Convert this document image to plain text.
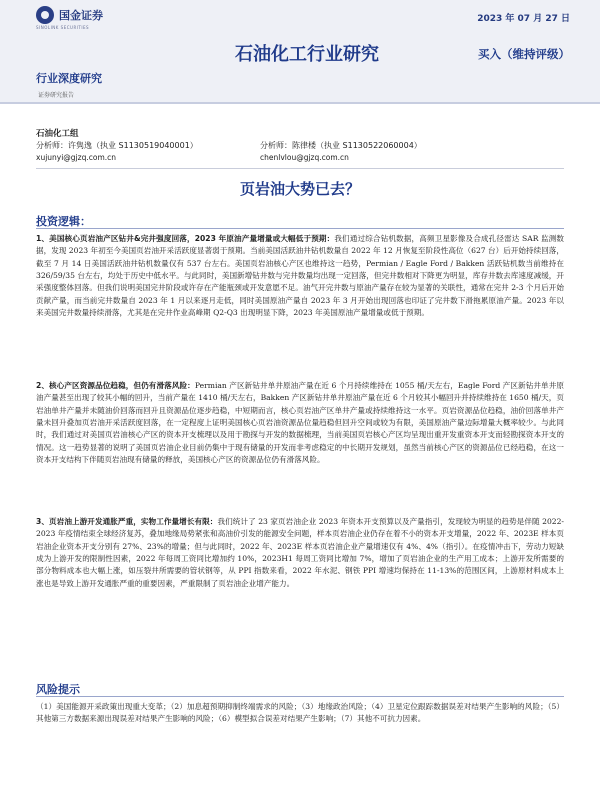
国金证券
SINOLINK SECURITIES
2023 年 07 月 27 日
石油化工行业研究	买入（维持评级）
行业深度研究
证券研究报告
石油化工组
分析师：许隽逸（执业 S1130519040001）
xujunyi@gjzq.com.cn
分析师：陈律楼（执业 S1130522060004）
chenlvlou@gjzq.com.cn
页岩油大势已去？
投资逻辑：

1、美国核心页岩油产区钻井&完井强度回落，2023 年原油产量增量或大幅低于预期：我们通过综合钻机数据，高频卫星影像及合成孔径雷达 SAR 监测数据，发现 2023 年初至今美国页岩油开采活跃度显著弱于预期。当前美国活跃油井钻机数量自 2022 年 12 月恢复至阶段性高位（627 台）后开始持续回落，截至 7 月 14 日美国活跃油井钻机数量仅有 537 台左右。美国页岩油核心产区也维持这一趋势，Permian / Eagle Ford / Bakken 活跃钻机数当前维持在 326/59/35 台左右，均处于历史中低水平。与此同时，美国新增钻井数与完井数量均出现一定回落，但完井数相对下降更为明显，库存井数去库速度减缓，开采强度整体回落。但我们说明美国完井阶段或许存在产能瓶颈或开发意愿不足。油气开完井数与原油产量存在较为显著的关联性，通常在完井 2-3 个月后开始贡献产量，而当前完井数量自 2023 年 1 月以来逐月走低，同时美国原油产量自 2023 年 3 月开始出现回落也印证了完井数下滑拖累原油产量。2023 年以来美国完井数量持续滑落，尤其是在完井作业高峰期 Q2-Q3 出现明显下降，2023 年美国原油产量增量或低于预期。

2、核心产区资源品位趋稳，但仍有滑落风险：Permian 产区新钻井单井原油产量在近 6 个月持续维持在 1055 桶/天左右，Eagle Ford 产区新钻井单井原油产量甚至出现了较其小幅的回升，当前产量在 1410 桶/天左右，Bakken 产区新钻井单井原油产量在近 6 个月较其小幅回升并持续维持在 1650 桶/天，页岩油单井产量并未随油价回落而回升且资源品位逐步趋稳，中短期而言，核心页岩油产区单井产量或持续维持这一水平。页岩资源品位趋稳，油价回落单井产量未回升叠加页岩油开采活跃度回落，在一定程度上证明美国核心页岩油资源品位量趋稳但回升空间或较为有限，美国原油产量边际增量大概率较少。与此同时，我们通过对美国页岩油核心产区的资本开支梳理以及用于勘探与开发的数据梳理，当前美国页岩核心产区均呈现出重开发重资本开支而轻勘探资本开支的情况。这一趋势显著的说明了美国页岩油企业目前仍集中于现有储量的开发而非考虑稳定的中长期开发规划，虽然当前核心产区的资源品位已经趋稳，在这一资本开支结构下伴随页岩油现有储量的释放，美国核心产区的资源品位仍有滑落风险。

3、页岩油上游开发通胀严重，实物工作量增长有限：我们统计了 23 家页岩油企业 2023 年资本开支预算以及产量指引，发现较为明显的趋势是伴随 2022-2023 年疫情结束全球经济复苏，叠加地缘局势紧张和高油价引发的能源安全问题，样本页岩油企业仍存在着不小的资本开支增量，2022 年、2023E 样本页岩油企业资本开支分别有 27%、23%的增量；但与此同时，2022 年、2023E 样本页岩油企业产量增速仅有 4%、4%（指引）。在疫情冲击下，劳动力短缺成为上游开发的限制性因素，2022 年每周工资同比增加约 10%，2023H1 每周工资同比增加 7%，增加了页岩油企业的生产用工成本；上游开发所需要的部分物料成本也大幅上涨，如压裂井所需要的管状钢等，从 PPI 指数来看，2022 年水泥、钢铁 PPI 增速均保持在 11-13%的范围区间，上游原材料成本上涨也是导致上游开发通胀严重的重要因素，严重限制了页岩油企业增产能力。

风险提示

（1）美国能源开采政策出现重大变革；（2）加息超预期抑制终端需求的风险；（3）地缘政治风险；（4）卫星定位跟踪数据误差对结果产生影响的风险；（5）其他第三方数据来源出现误差对结果产生影响的风险；（6）模型拟合误差对结果产生影响；（7）其他不可抗力因素。
